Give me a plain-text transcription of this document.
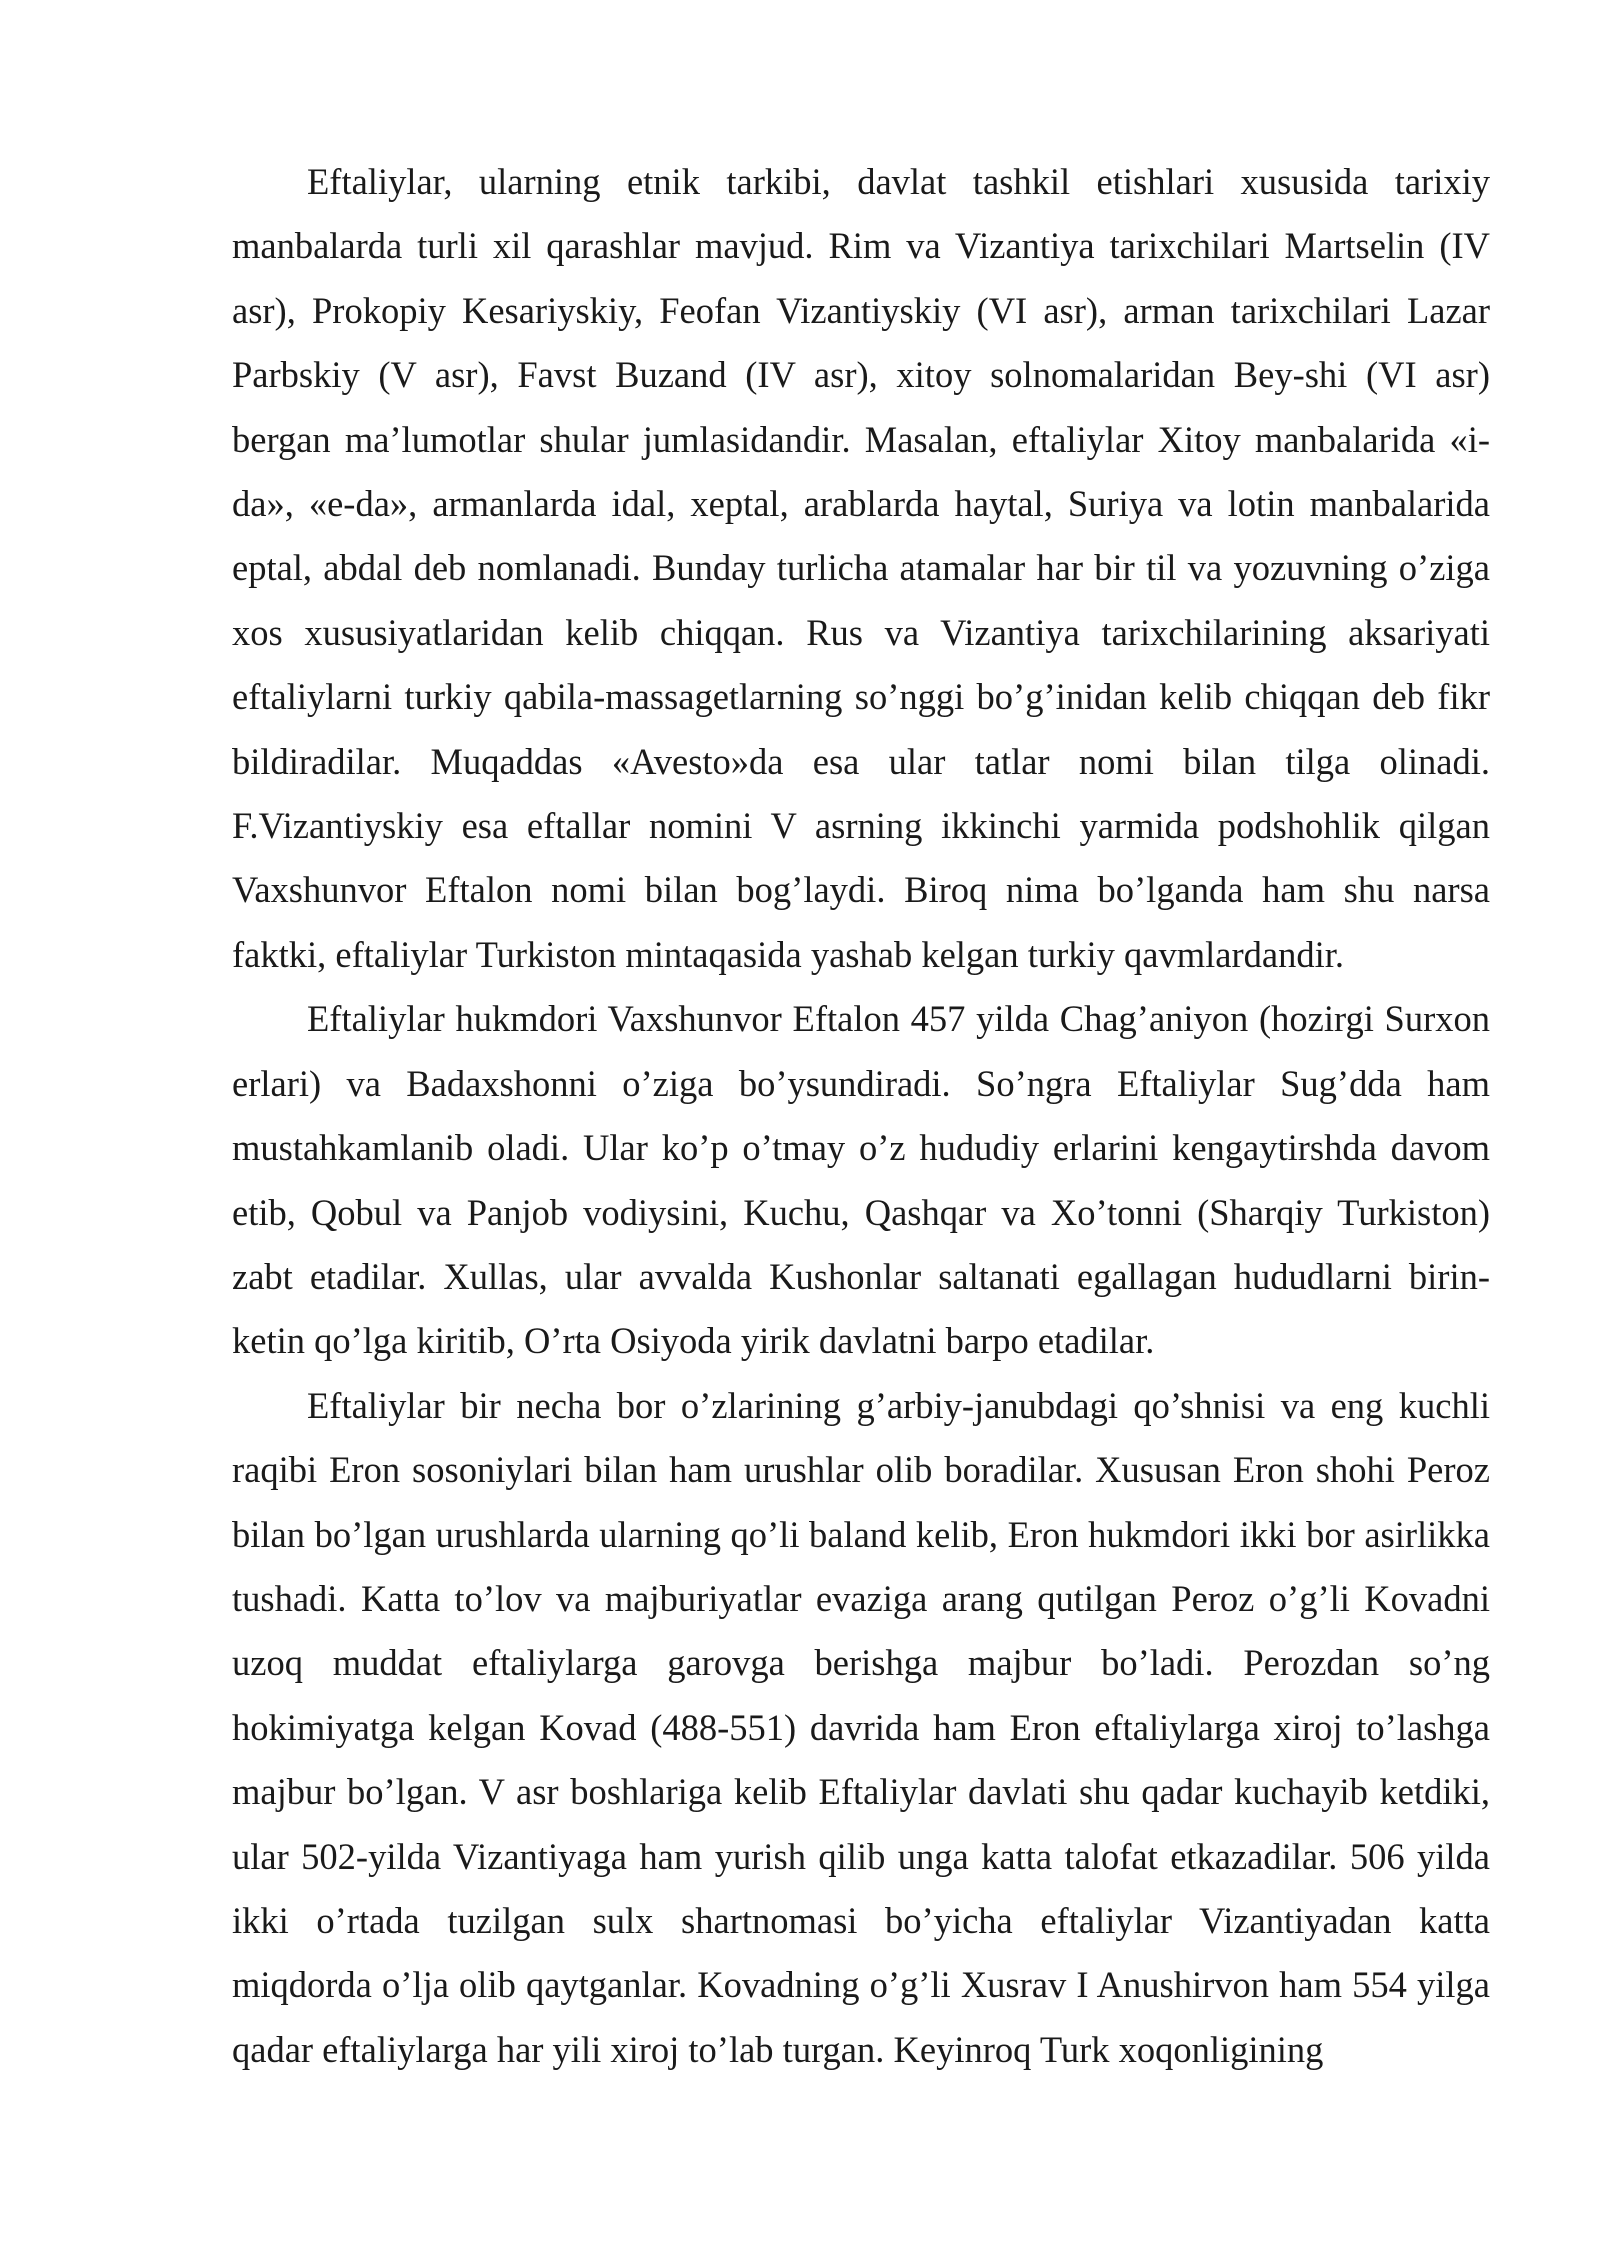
Eftaliylar, ularning etnik tarkibi, davlat tashkil etishlari xususida tarixiy manbalarda turli xil qarashlar mavjud. Rim va Vizantiya tarixchilari Martselin (IV asr), Prokopiy Kesariyskiy, Feofan Vizantiyskiy (VI asr), arman tarixchilari Lazar Parbskiy (V asr), Favst Buzand (IV asr), xitoy solnomalaridan Bey-shi (VI asr) bergan ma’lumotlar shular jumlasidandir. Masalan, eftaliylar Xitoy manbalarida «i-da», «e-da», armanlarda idal, xeptal, arablarda haytal, Suriya va lotin manbalarida eptal, abdal deb nomlanadi. Bunday turlicha atamalar har bir til va yozuvning o’ziga xos xususiyatlaridan kelib chiqqan. Rus va Vizantiya tarixchilarining aksariyati eftaliylarni turkiy qabila-massagetlarning so’nggi bo’g’inidan kelib chiqqan deb fikr bildiradilar. Muqaddas «Avesto»da esa ular tatlar nomi bilan tilga olinadi. F.Vizantiyskiy esa eftallar nomini V asrning ikkinchi yarmida podshohlik qilgan Vaxshunvor Eftalon nomi bilan bog’laydi. Biroq nima bo’lganda ham shu narsa faktki, eftaliylar Turkiston mintaqasida yashab kelgan turkiy qavmlardandir.

Eftaliylar hukmdori Vaxshunvor Eftalon 457 yilda Chag’aniyon (hozirgi Surxon erlari) va Badaxshonni o’ziga bo’ysundiradi. So’ngra Eftaliylar Sug’dda ham mustahkamlanib oladi. Ular ko’p o’tmay o’z hududiy erlarini kengaytirshda davom etib, Qobul va Panjob vodiysini, Kuchu, Qashqar va Xo’tonni (Sharqiy Turkiston) zabt etadilar. Xullas, ular avvalda Kushonlar saltanati egallagan hududlarni birin-ketin qo’lga kiritib, O’rta Osiyoda yirik davlatni barpo etadilar.

Eftaliylar bir necha bor o’zlarining g’arbiy-janubdagi qo’shnisi va eng kuchli raqibi Eron sosoniylari bilan ham urushlar olib boradilar. Xususan Eron shohi Peroz bilan bo’lgan urushlarda ularning qo’li baland kelib, Eron hukmdori ikki bor asirlikka tushadi. Katta to’lov va majburiyatlar evaziga arang qutilgan Peroz o’g’li Kovadni uzoq muddat eftaliylarga garovga berishga majbur bo’ladi. Perozdan so’ng hokimiyatga kelgan Kovad (488-551) davrida ham Eron eftaliylarga xiroj to’lashga majbur bo’lgan. V asr boshlariga kelib Eftaliylar davlati shu qadar kuchayib ketdiki, ular 502-yilda Vizantiyaga ham yurish qilib unga katta talofat etkazadilar. 506 yilda ikki o’rtada tuzilgan sulx shartnomasi bo’yicha eftaliylar Vizantiyadan katta miqdorda o’lja olib qaytganlar. Kovadning o’g’li Xusrav I Anushirvon ham 554 yilga qadar eftaliylarga har yili xiroj to’lab turgan. Keyinroq Turk xoqonligining
